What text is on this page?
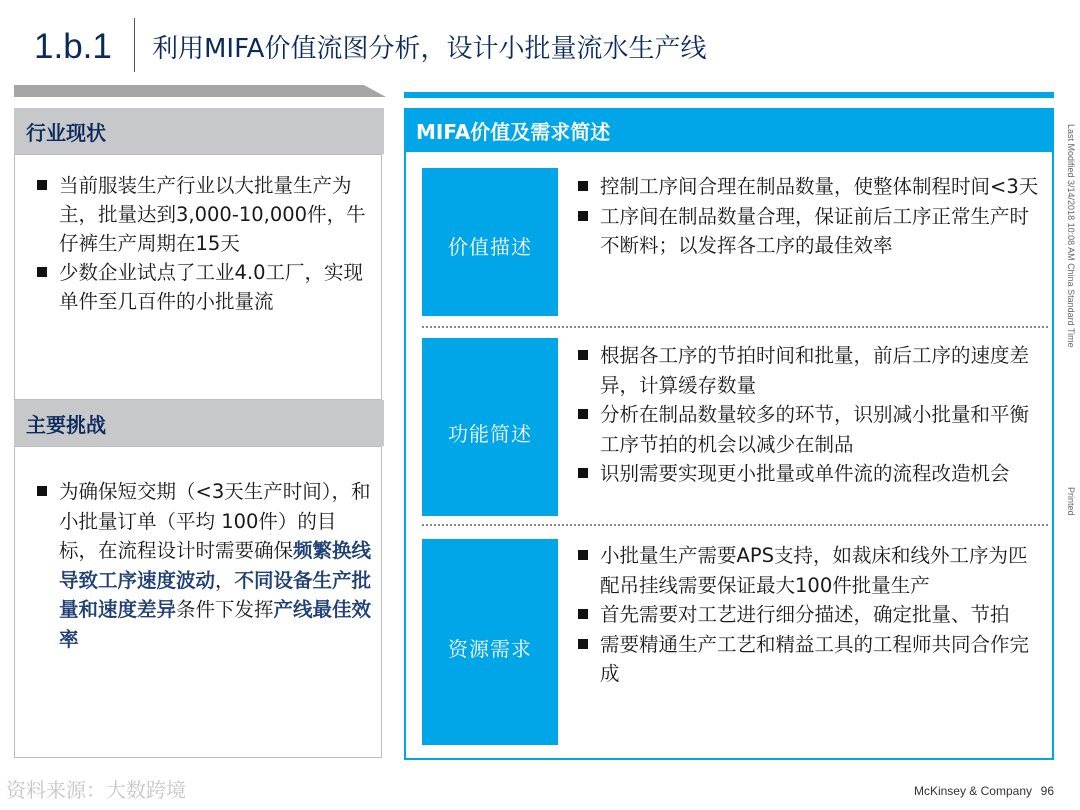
1.b.1 利用MIFA价值流图分析，设计小批量流水生产线
行业现状
当前服装生产行业以大批量生产为主，批量达到3,000-10,000件，牛仔裤生产周期在15天
少数企业试点了工业4.0工厂，实现单件至几百件的小批量流
主要挑战
为确保短交期（<3天生产时间），和小批量订单（平均 100件）的目标，在流程设计时需要确保频繁换线导致工序速度波动，不同设备生产批量和速度差异条件下发挥产线最佳效率
MIFA价值及需求简述
价值描述
控制工序间合理在制品数量，使整体制程时间<3天
工序间在制品数量合理，保证前后工序正常生产时不断料；以发挥各工序的最佳效率
功能简述
根据各工序的节拍时间和批量，前后工序的速度差异，计算缓存数量
分析在制品数量较多的环节，识别减小批量和平衡工序节拍的机会以减少在制品
识别需要实现更小批量或单件流的流程改造机会
资源需求
小批量生产需要APS支持，如裁床和线外工序为匹配吊挂线需要保证最大100件批量生产
首先需要对工艺进行细分描述，确定批量、节拍
需要精通生产工艺和精益工具的工程师共同合作完成
Last Modified 3/14/2018 10:08 AM China Standard Time
Printed
资料来源：大数跨境	McKinsey & Company 96
